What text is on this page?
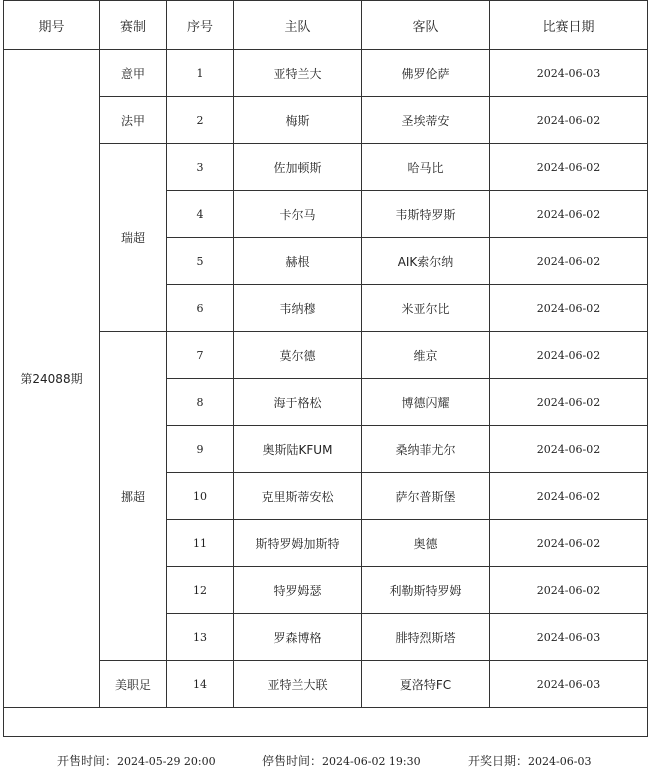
期号	赛制	序号	主队	客队	比赛日期
第24088期	意甲	1	亚特兰大	佛罗伦萨	2024-06-03
	法甲	2	梅斯	圣埃蒂安	2024-06-02
	瑞超	3	佐加顿斯	哈马比	2024-06-02
		4	卡尔马	韦斯特罗斯	2024-06-02
		5	赫根	AIK索尔纳	2024-06-02
		6	韦纳穆	米亚尔比	2024-06-02
	挪超	7	莫尔德	维京	2024-06-02
		8	海于格松	博德闪耀	2024-06-02
		9	奥斯陆KFUM	桑纳菲尤尔	2024-06-02
		10	克里斯蒂安松	萨尔普斯堡	2024-06-02
		11	斯特罗姆加斯特	奥德	2024-06-02
		12	特罗姆瑟	利勒斯特罗姆	2024-06-02
		13	罗森博格	腓特烈斯塔	2024-06-03
	美职足	14	亚特兰大联	夏洛特FC	2024-06-03

开售时间：2024-05-29 20:00	停售时间：2024-06-02 19:30	开奖日期：2024-06-03
